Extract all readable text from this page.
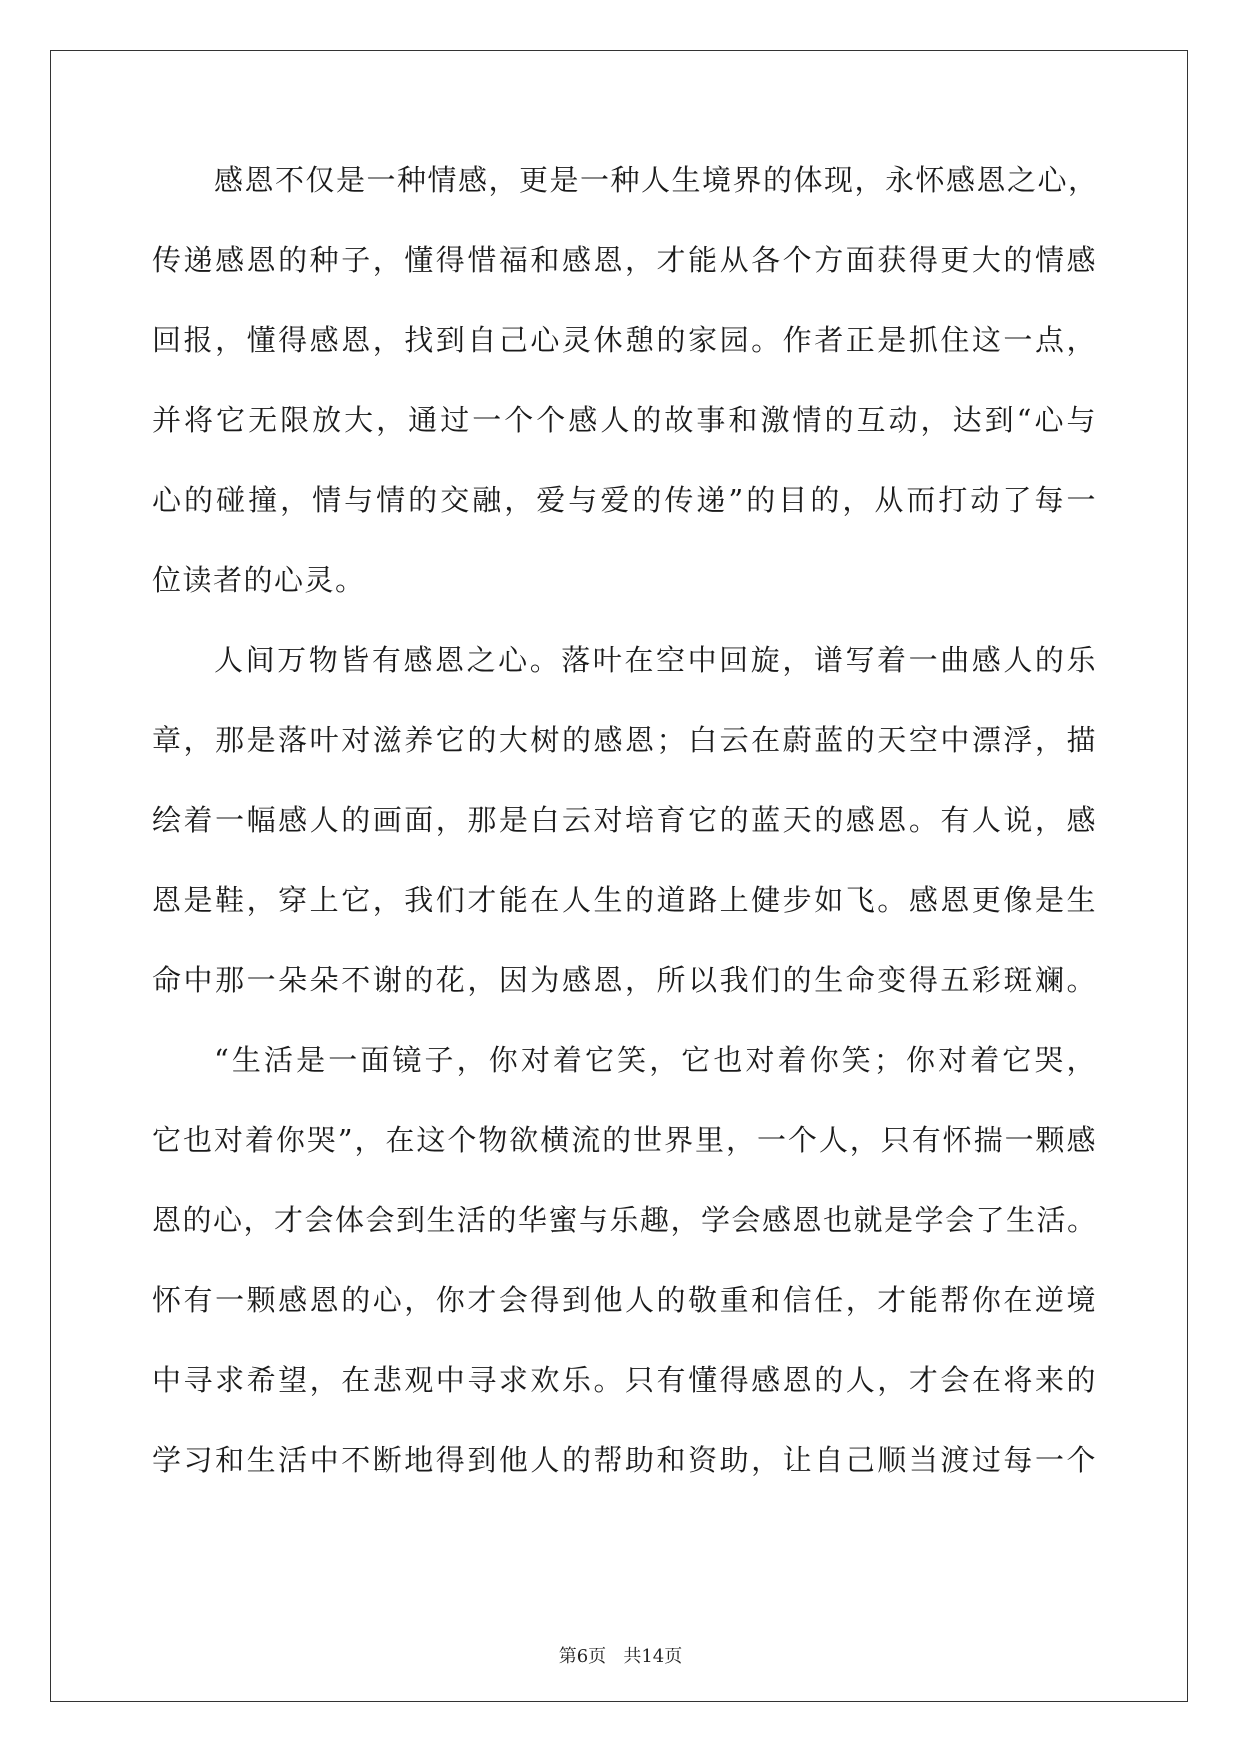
感恩不仅是一种情感，更是一种人生境界的体现，永怀感恩之心，
传递感恩的种子，懂得惜福和感恩，才能从各个方面获得更大的情感
回报，懂得感恩，找到自己心灵休憩的家园。作者正是抓住这一点，
并将它无限放大，通过一个个感人的故事和激情的互动，达到“心与
心的碰撞，情与情的交融，爱与爱的传递”的目的，从而打动了每一
位读者的心灵。
人间万物皆有感恩之心。落叶在空中回旋，谱写着一曲感人的乐
章，那是落叶对滋养它的大树的感恩；白云在蔚蓝的天空中漂浮，描
绘着一幅感人的画面，那是白云对培育它的蓝天的感恩。有人说，感
恩是鞋，穿上它，我们才能在人生的道路上健步如飞。感恩更像是生
命中那一朵朵不谢的花，因为感恩，所以我们的生命变得五彩斑斓。
“生活是一面镜子，你对着它笑，它也对着你笑；你对着它哭，
它也对着你哭”，在这个物欲横流的世界里，一个人，只有怀揣一颗感
恩的心，才会体会到生活的华蜜与乐趣，学会感恩也就是学会了生活。
怀有一颗感恩的心，你才会得到他人的敬重和信任，才能帮你在逆境
中寻求希望，在悲观中寻求欢乐。只有懂得感恩的人，才会在将来的
学习和生活中不断地得到他人的帮助和资助，让自己顺当渡过每一个
第6页 共14页
